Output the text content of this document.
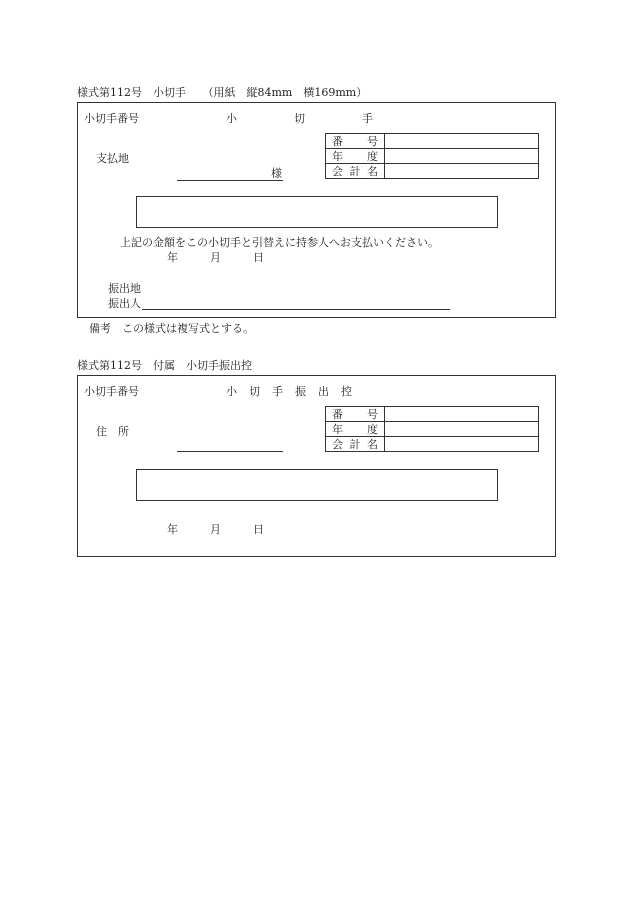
様式第112号　小切手　　（用紙　縦84mm　横169mm）
小切手番号	小	切	手
番 号	

年 度	

会 計 名	

支払地
様
上記の金額をこの小切手と引替えに持参人へお支払いください。
年	月	日
振出地
振出人
備考　この様式は複写式とする。
様式第112号　付属　小切手振出控
小切手番号	小 切 手 振 出 控
番 号	

年 度	

会 計 名	

住　所
年	月	日
